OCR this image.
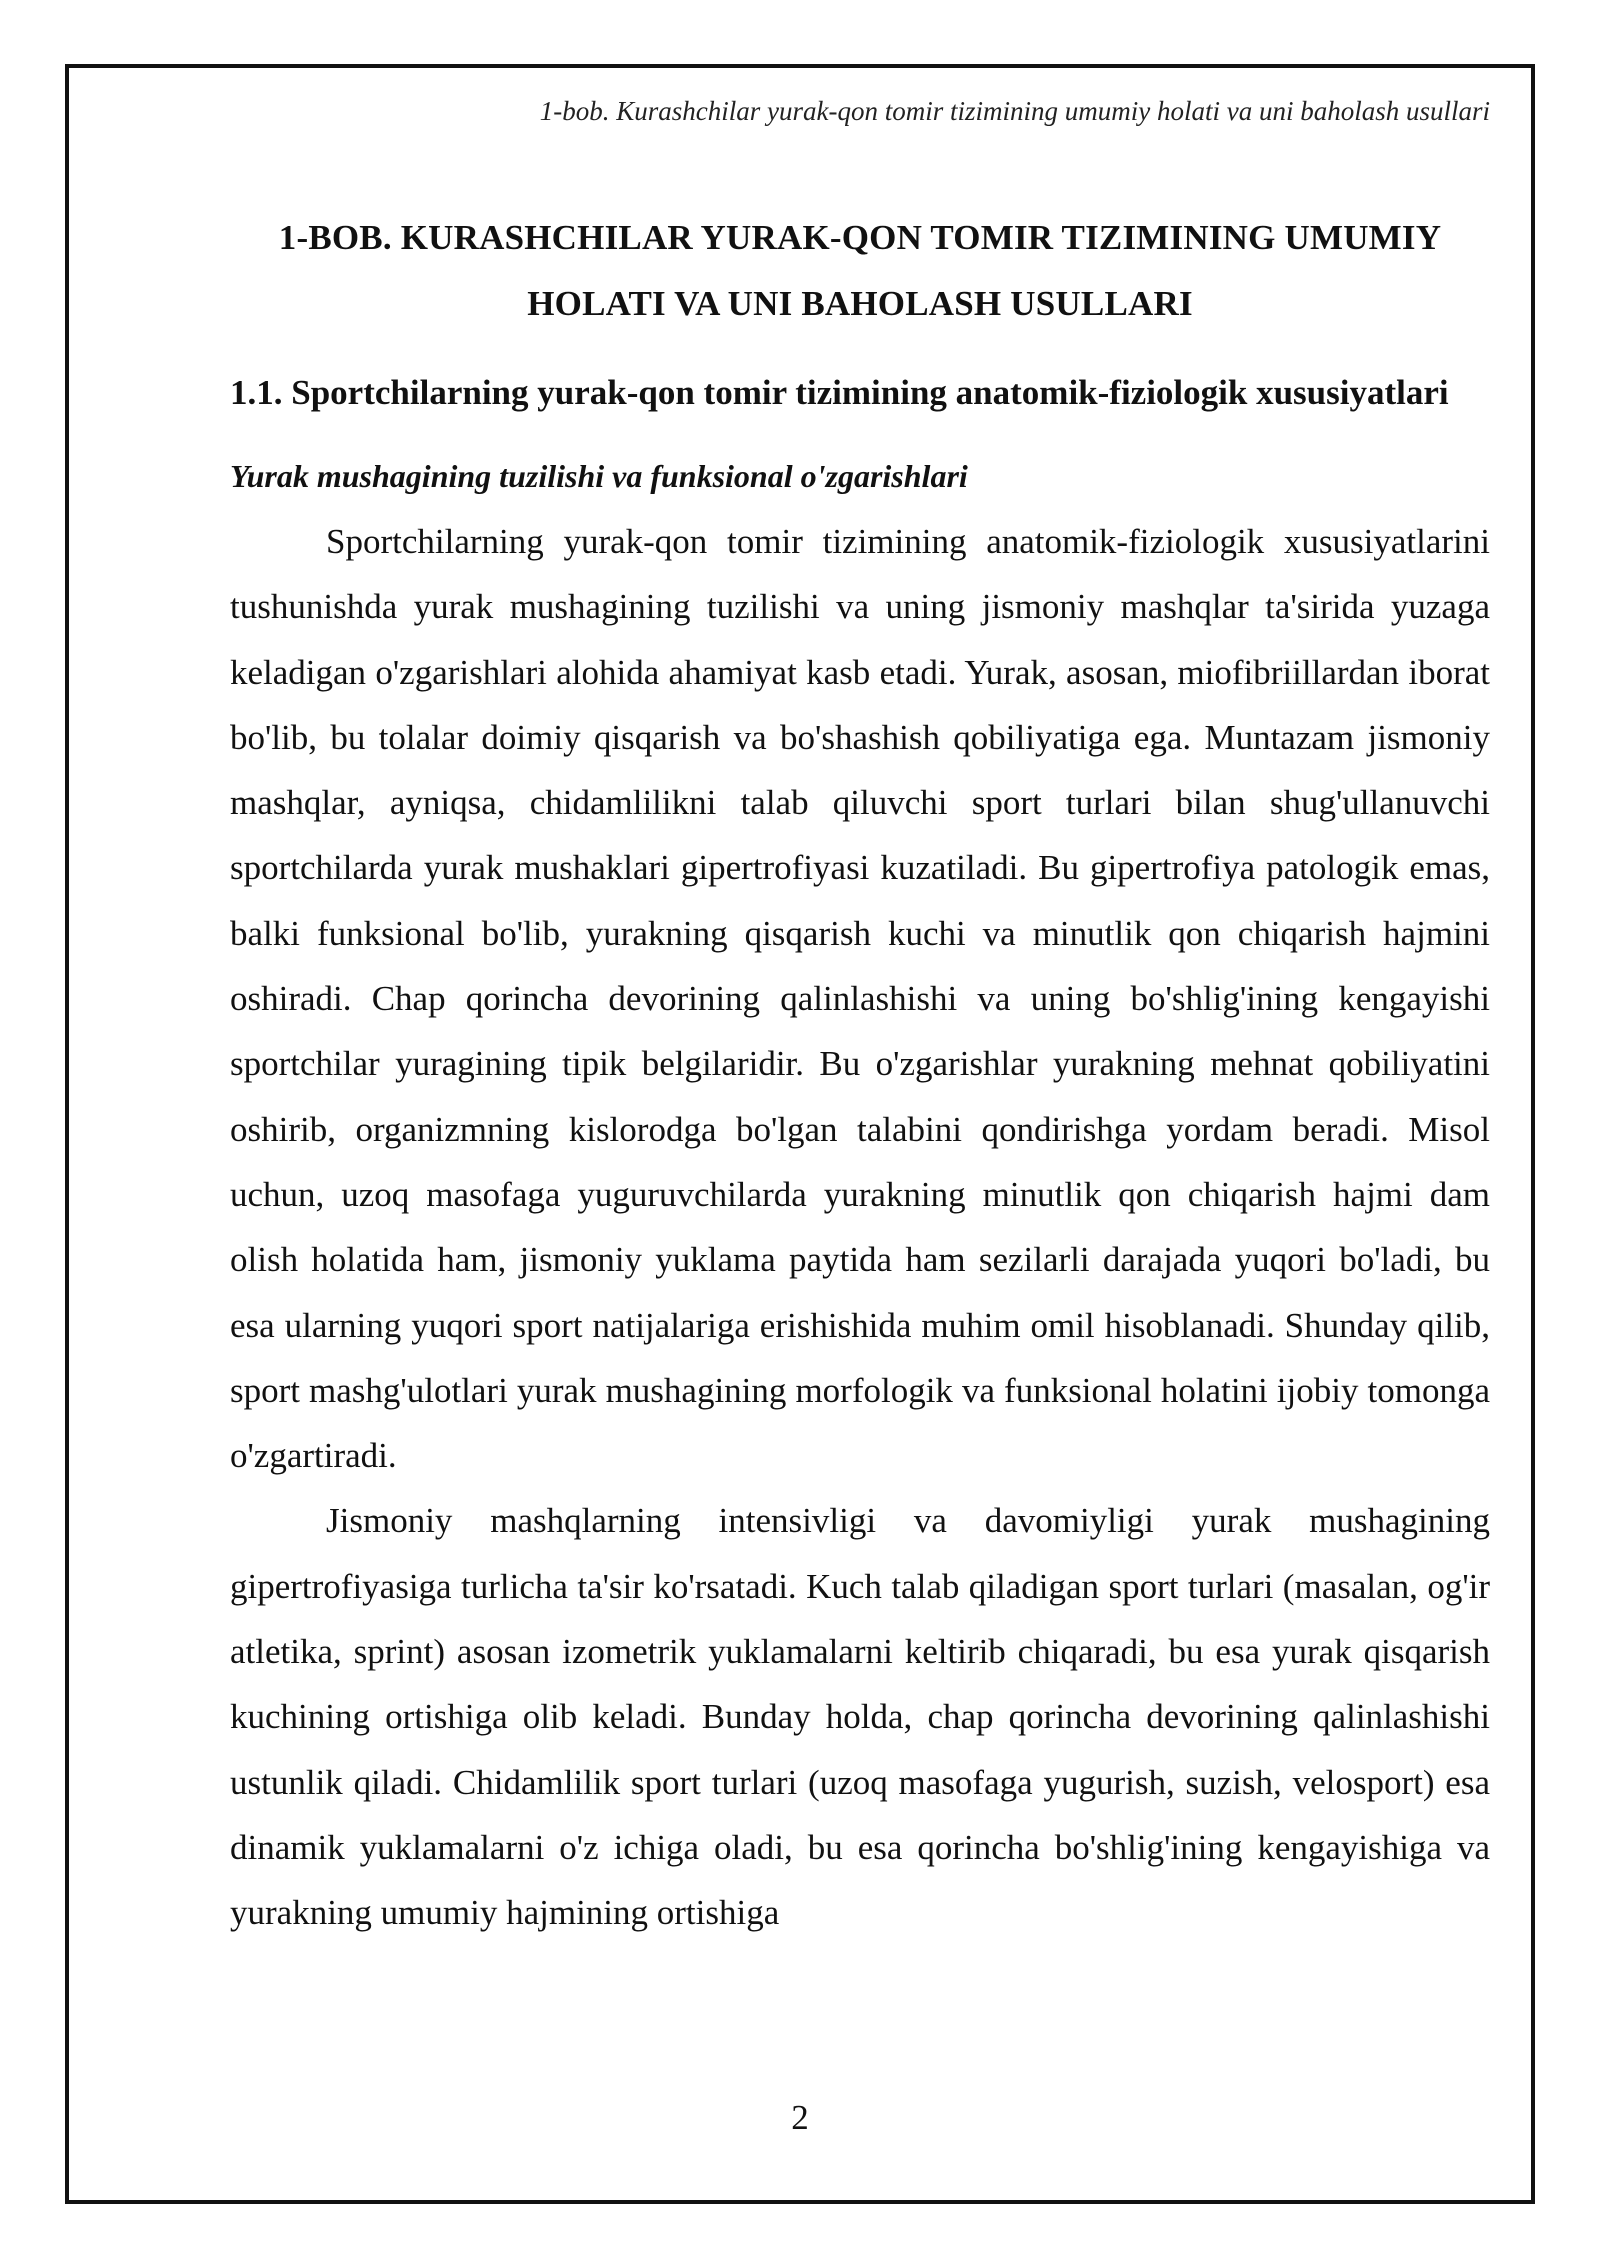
1-bob. Kurashchilar yurak-qon tomir tizimining umumiy holati va uni baholash usullari
1-BOB. KURASHCHILAR YURAK-QON TOMIR TIZIMINING UMUMIY HOLATI VA UNI BAHOLASH USULLARI
1.1. Sportchilarning yurak-qon tomir tizimining anatomik-fiziologik xususiyatlari
Yurak mushagining tuzilishi va funksional o'zgarishlari

Sportchilarning yurak-qon tomir tizimining anatomik-fiziologik xususiyatlarini tushunishda yurak mushagining tuzilishi va uning jismoniy mashqlar ta'sirida yuzaga keladigan o'zgarishlari alohida ahamiyat kasb etadi. Yurak, asosan, miofibriillardan iborat bo'lib, bu tolalar doimiy qisqarish va bo'shashish qobiliyatiga ega. Muntazam jismoniy mashqlar, ayniqsa, chidamlilikni talab qiluvchi sport turlari bilan shug'ullanuvchi sportchilarda yurak mushaklari gipertrofiyasi kuzatiladi. Bu gipertrofiya patologik emas, balki funksional bo'lib, yurakning qisqarish kuchi va minutlik qon chiqarish hajmini oshiradi. Chap qorincha devorining qalinlashishi va uning bo'shlig'ining kengayishi sportchilar yuragining tipik belgilaridir. Bu o'zgarishlar yurakning mehnat qobiliyatini oshirib, organizmning kislorodga bo'lgan talabini qondirishga yordam beradi. Misol uchun, uzoq masofaga yuguruvchilarda yurakning minutlik qon chiqarish hajmi dam olish holatida ham, jismoniy yuklama paytida ham sezilarli darajada yuqori bo'ladi, bu esa ularning yuqori sport natijalariga erishishida muhim omil hisoblanadi. Shunday qilib, sport mashg'ulotlari yurak mushagining morfologik va funksional holatini ijobiy tomonga o'zgartiradi.

Jismoniy mashqlarning intensivligi va davomiyligi yurak mushagining gipertrofiyasiga turlicha ta'sir ko'rsatadi. Kuch talab qiladigan sport turlari (masalan, og'ir atletika, sprint) asosan izometrik yuklamalarni keltirib chiqaradi, bu esa yurak qisqarish kuchining ortishiga olib keladi. Bunday holda, chap qorincha devorining qalinlashishi ustunlik qiladi. Chidamlilik sport turlari (uzoq masofaga yugurish, suzish, velosport) esa dinamik yuklamalarni o'z ichiga oladi, bu esa qorincha bo'shlig'ining kengayishiga va yurakning umumiy hajmining ortishiga

2
